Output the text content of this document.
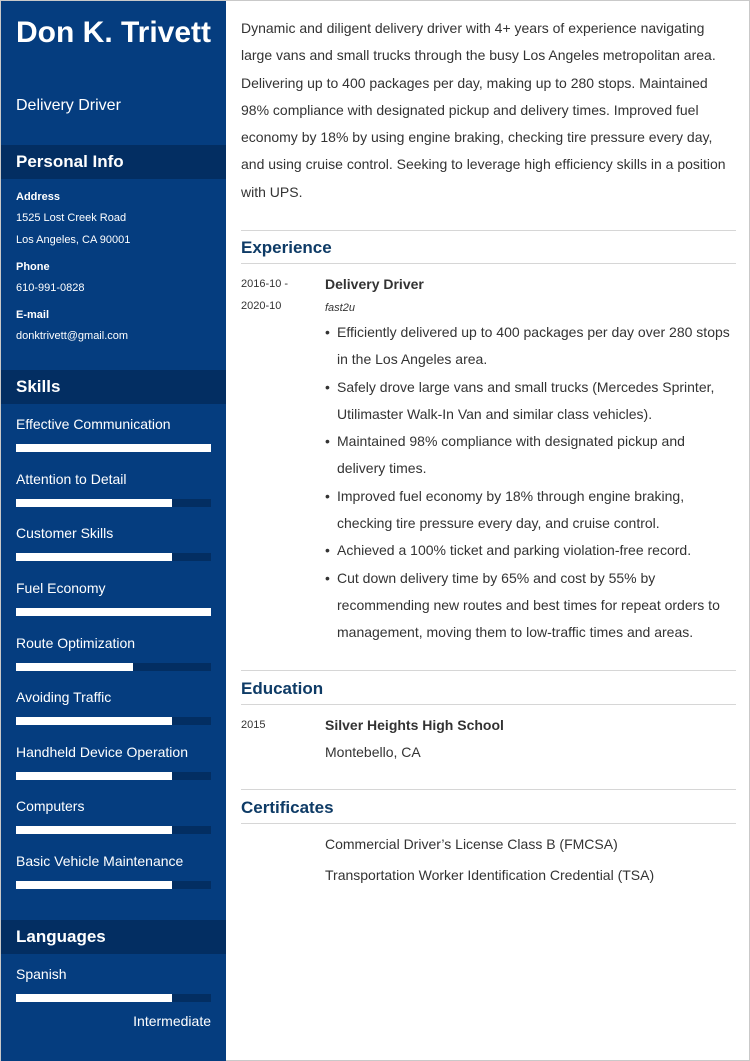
Don K. Trivett
Delivery Driver
Personal Info
Address
1525 Lost Creek Road
Los Angeles, CA 90001
Phone
610-991-0828
E-mail
donktrivett@gmail.com
Skills
Effective Communication
Attention to Detail
Customer Skills
Fuel Economy
Route Optimization
Avoiding Traffic
Handheld Device Operation
Computers
Basic Vehicle Maintenance
Languages
Spanish
Intermediate
Dynamic and diligent delivery driver with 4+ years of experience navigating large vans and small trucks through the busy Los Angeles metropolitan area. Delivering up to 400 packages per day, making up to 280 stops. Maintained 98% compliance with designated pickup and delivery times. Improved fuel economy by 18% by using engine braking, checking tire pressure every day, and using cruise control. Seeking to leverage high efficiency skills in a position with UPS.
Experience
2016-10 -
2020-10
Delivery Driver
fast2u
• Efficiently delivered up to 400 packages per day over 280 stops in the Los Angeles area.
• Safely drove large vans and small trucks (Mercedes Sprinter, Utilimaster Walk-In Van and similar class vehicles).
• Maintained 98% compliance with designated pickup and delivery times.
• Improved fuel economy by 18% through engine braking, checking tire pressure every day, and cruise control.
• Achieved a 100% ticket and parking violation-free record.
• Cut down delivery time by 65% and cost by 55% by recommending new routes and best times for repeat orders to management, moving them to low-traffic times and areas.
Education
2015	Silver Heights High School
Montebello, CA
Certificates
Commercial Driver’s License Class B (FMCSA)
Transportation Worker Identification Credential (TSA)
